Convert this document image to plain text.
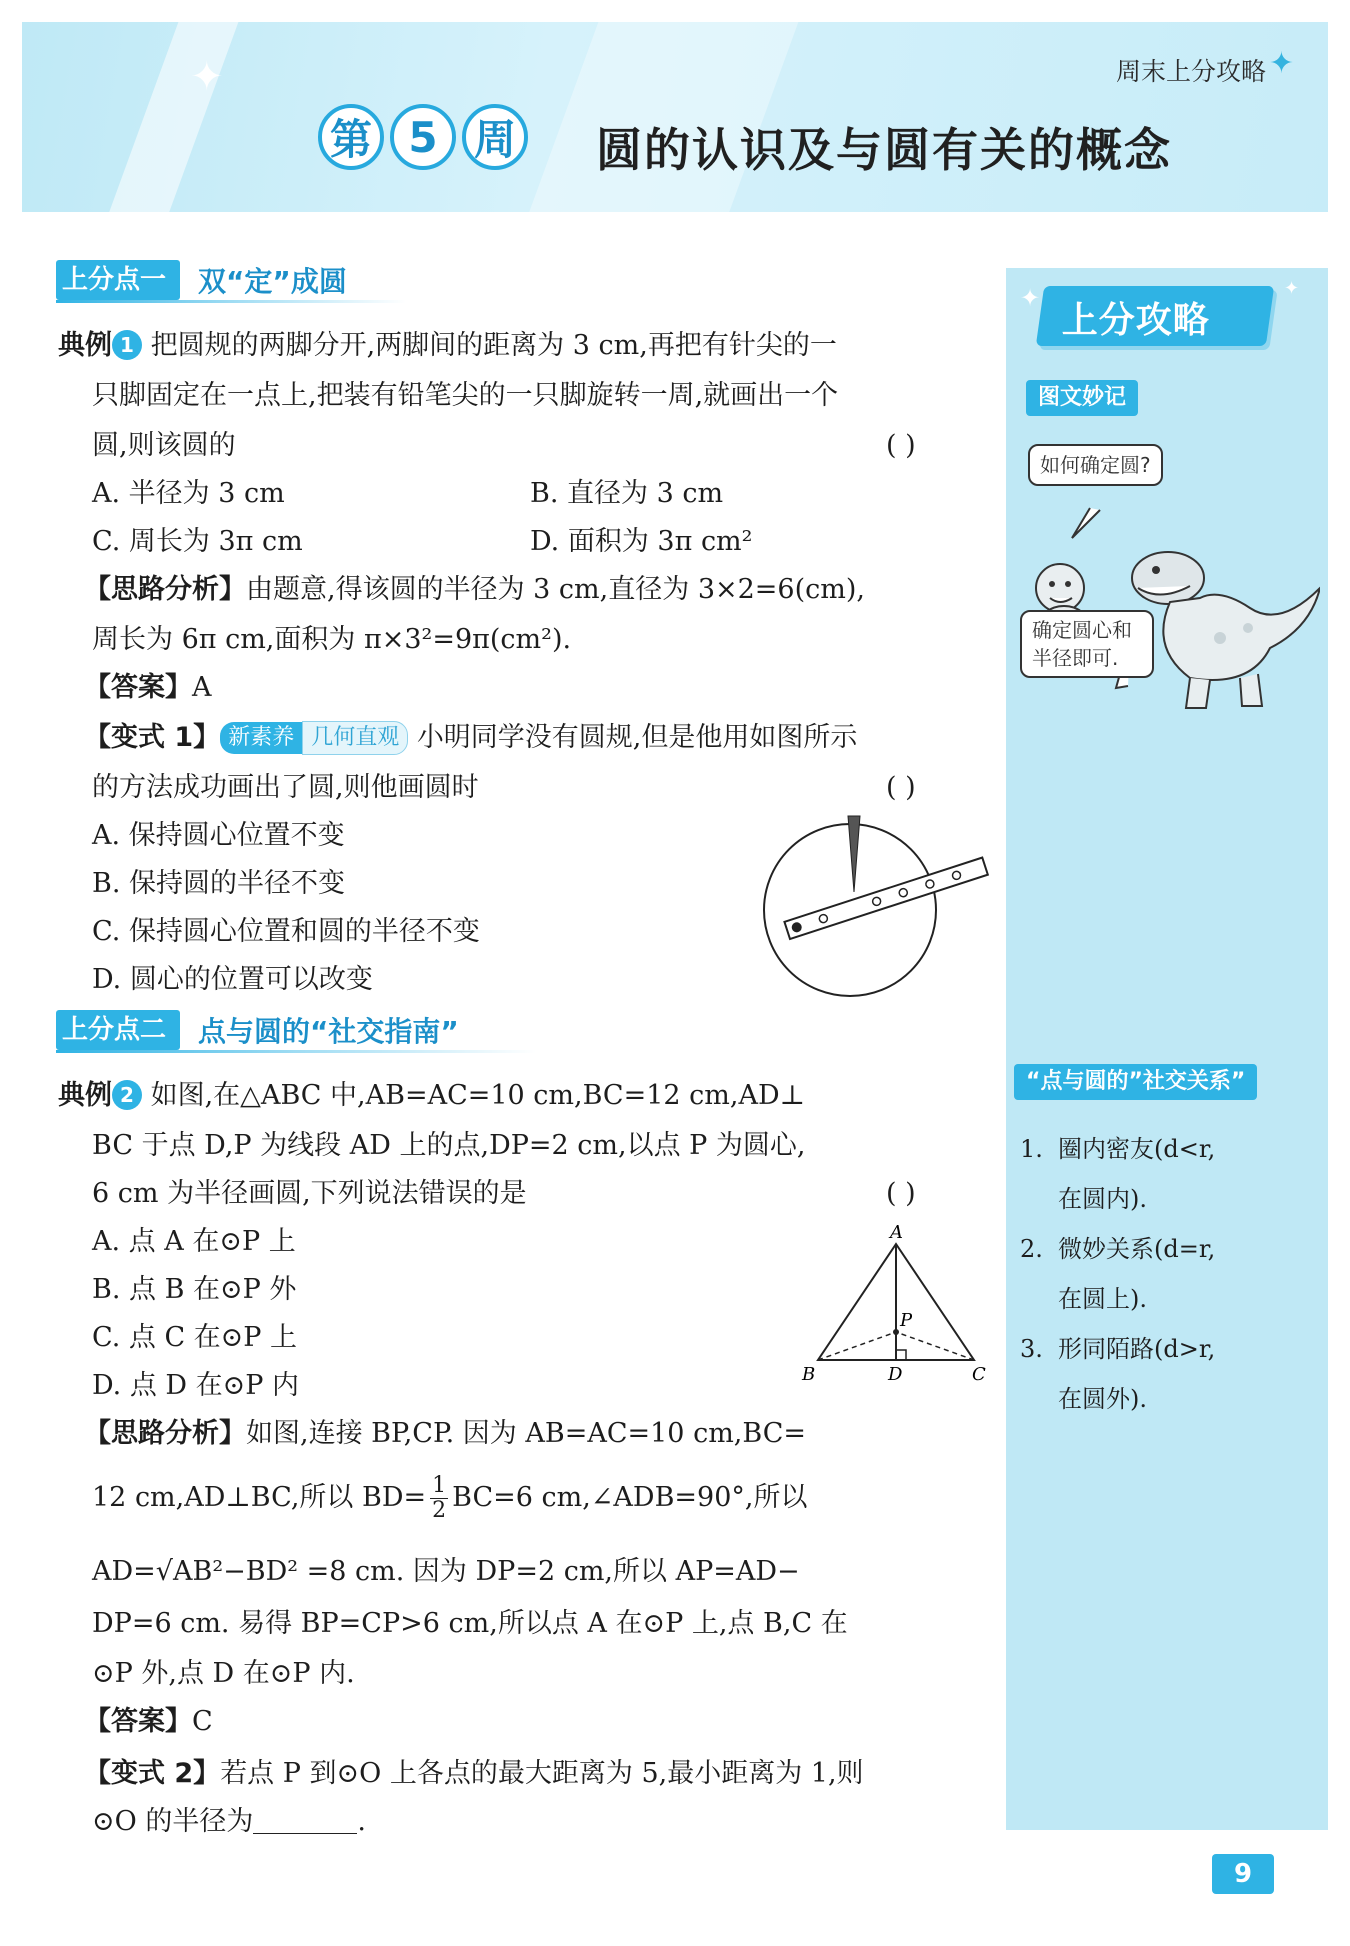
✦	周末上分攻略 ✦
第 5 周 圆的认识及与圆有关的概念
✦	✦
上分攻略
图文妙记
如何确定圆?
确定圆心和
半径即可.
“点与圆的”社交关系”
1. 圈内密友(d<r,
在圆内).
2. 微妙关系(d=r,
在圆上).
3. 形同陌路(d>r,
在圆外).
上分点一	双“定”成圆
典例 1 把圆规的两脚分开,两脚间的距离为 3 cm,再把有针尖的一
只脚固定在一点上,把装有铅笔尖的一只脚旋转一周,就画出一个
圆,则该圆的	( )
A. 半径为 3 cm	B. 直径为 3 cm
C. 周长为 3π cm	D. 面积为 3π cm²
【思路分析】由题意,得该圆的半径为 3 cm,直径为 3×2=6(cm),
周长为 6π cm,面积为 π×3²=9π(cm²).
【答案】A
【变式 1】 新素养 几何直观 小明同学没有圆规,但是他用如图所示
的方法成功画出了圆,则他画圆时	( )
A. 保持圆心位置不变
B. 保持圆的半径不变
C. 保持圆心位置和圆的半径不变
D. 圆心的位置可以改变
上分点二	点与圆的“社交指南”
典例 2 如图,在△ABC 中,AB=AC=10 cm,BC=12 cm,AD⊥
BC 于点 D,P 为线段 AD 上的点,DP=2 cm,以点 P 为圆心,
6 cm 为半径画圆,下列说法错误的是	( )
A. 点 A 在⊙P 上
B. 点 B 在⊙P 外
C. 点 C 在⊙P 上
D. 点 D 在⊙P 内
A
B	C
D
P
【思路分析】如图,连接 BP,CP. 因为 AB=AC=10 cm,BC=
12 cm,AD⊥BC,所以 $BD= \frac{1}{2} BC=6$ cm,∠ADB=90°,所以
AD=√AB²−BD² =8 cm. 因为 DP=2 cm,所以 AP=AD−
DP=6 cm. 易得 BP=CP>6 cm,所以点 A 在⊙P 上,点 B,C 在
⊙P 外,点 D 在⊙P 内.
【答案】C
【变式 2】若点 P 到⊙O 上各点的最大距离为 5,最小距离为 1,则
⊙O 的半径为	.
9
